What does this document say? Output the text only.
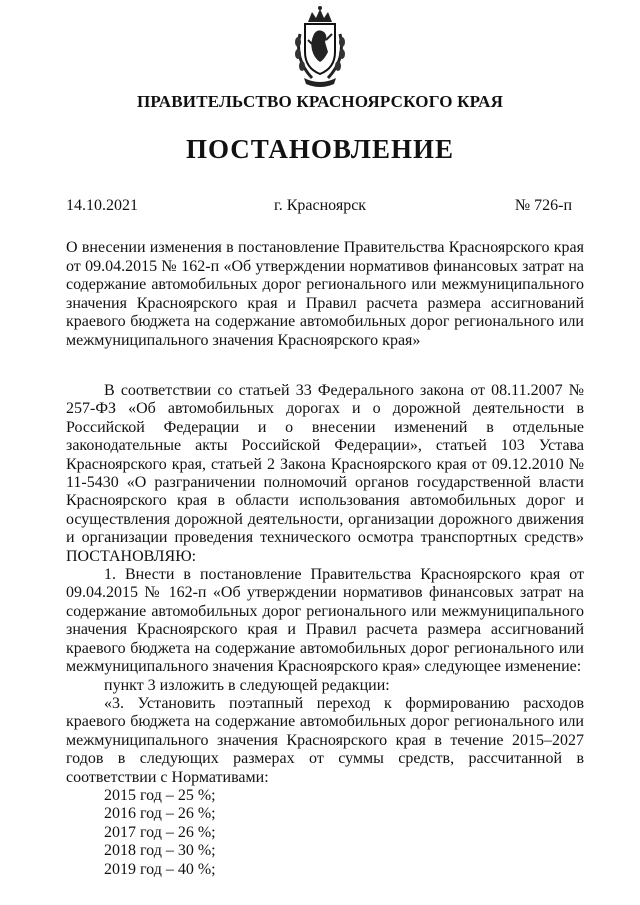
ПРАВИТЕЛЬСТВО КРАСНОЯРСКОГО КРАЯ
ПОСТАНОВЛЕНИЕ
14.10.2021	г. Красноярск	№ 726-п
О внесении изменения в постановление Правительства Красноярского края от 09.04.2015 № 162-п «Об утверждении нормативов финансовых затрат на содержание автомобильных дорог регионального или межмуниципального значения Красноярского края и Правил расчета размера ассигнований краевого бюджета на содержание автомобильных дорог регионального или межмуниципального значения Красноярского края»

В соответствии со статьей 33 Федерального закона от 08.11.2007 № 257-ФЗ «Об автомобильных дорогах и о дорожной деятельности в Российской Федерации и о внесении изменений в отдельные законодательные акты Российской Федерации», статьей 103 Устава Красноярского края, статьей 2 Закона Красноярского края от 09.12.2010 № 11-5430 «О разграничении полномочий органов государственной власти Красноярского края в области использования автомобильных дорог и осуществления дорожной деятельности, организации дорожного движения и организации проведения технического осмотра транспортных средств» ПОСТАНОВЛЯЮ:

1. Внести в постановление Правительства Красноярского края от 09.04.2015 № 162-п «Об утверждении нормативов финансовых затрат на содержание автомобильных дорог регионального или межмуниципального значения Красноярского края и Правил расчета размера ассигнований краевого бюджета на содержание автомобильных дорог регионального или межмуниципального значения Красноярского края» следующее изменение:

пункт 3 изложить в следующей редакции:

«3. Установить поэтапный переход к формированию расходов краевого бюджета на содержание автомобильных дорог регионального или межмуниципального значения Красноярского края в течение 2015–2027 годов в следующих размерах от суммы средств, рассчитанной в соответствии с Нормативами:

2015 год – 25 %;
2016 год – 26 %;
2017 год – 26 %;
2018 год – 30 %;
2019 год – 40 %;
